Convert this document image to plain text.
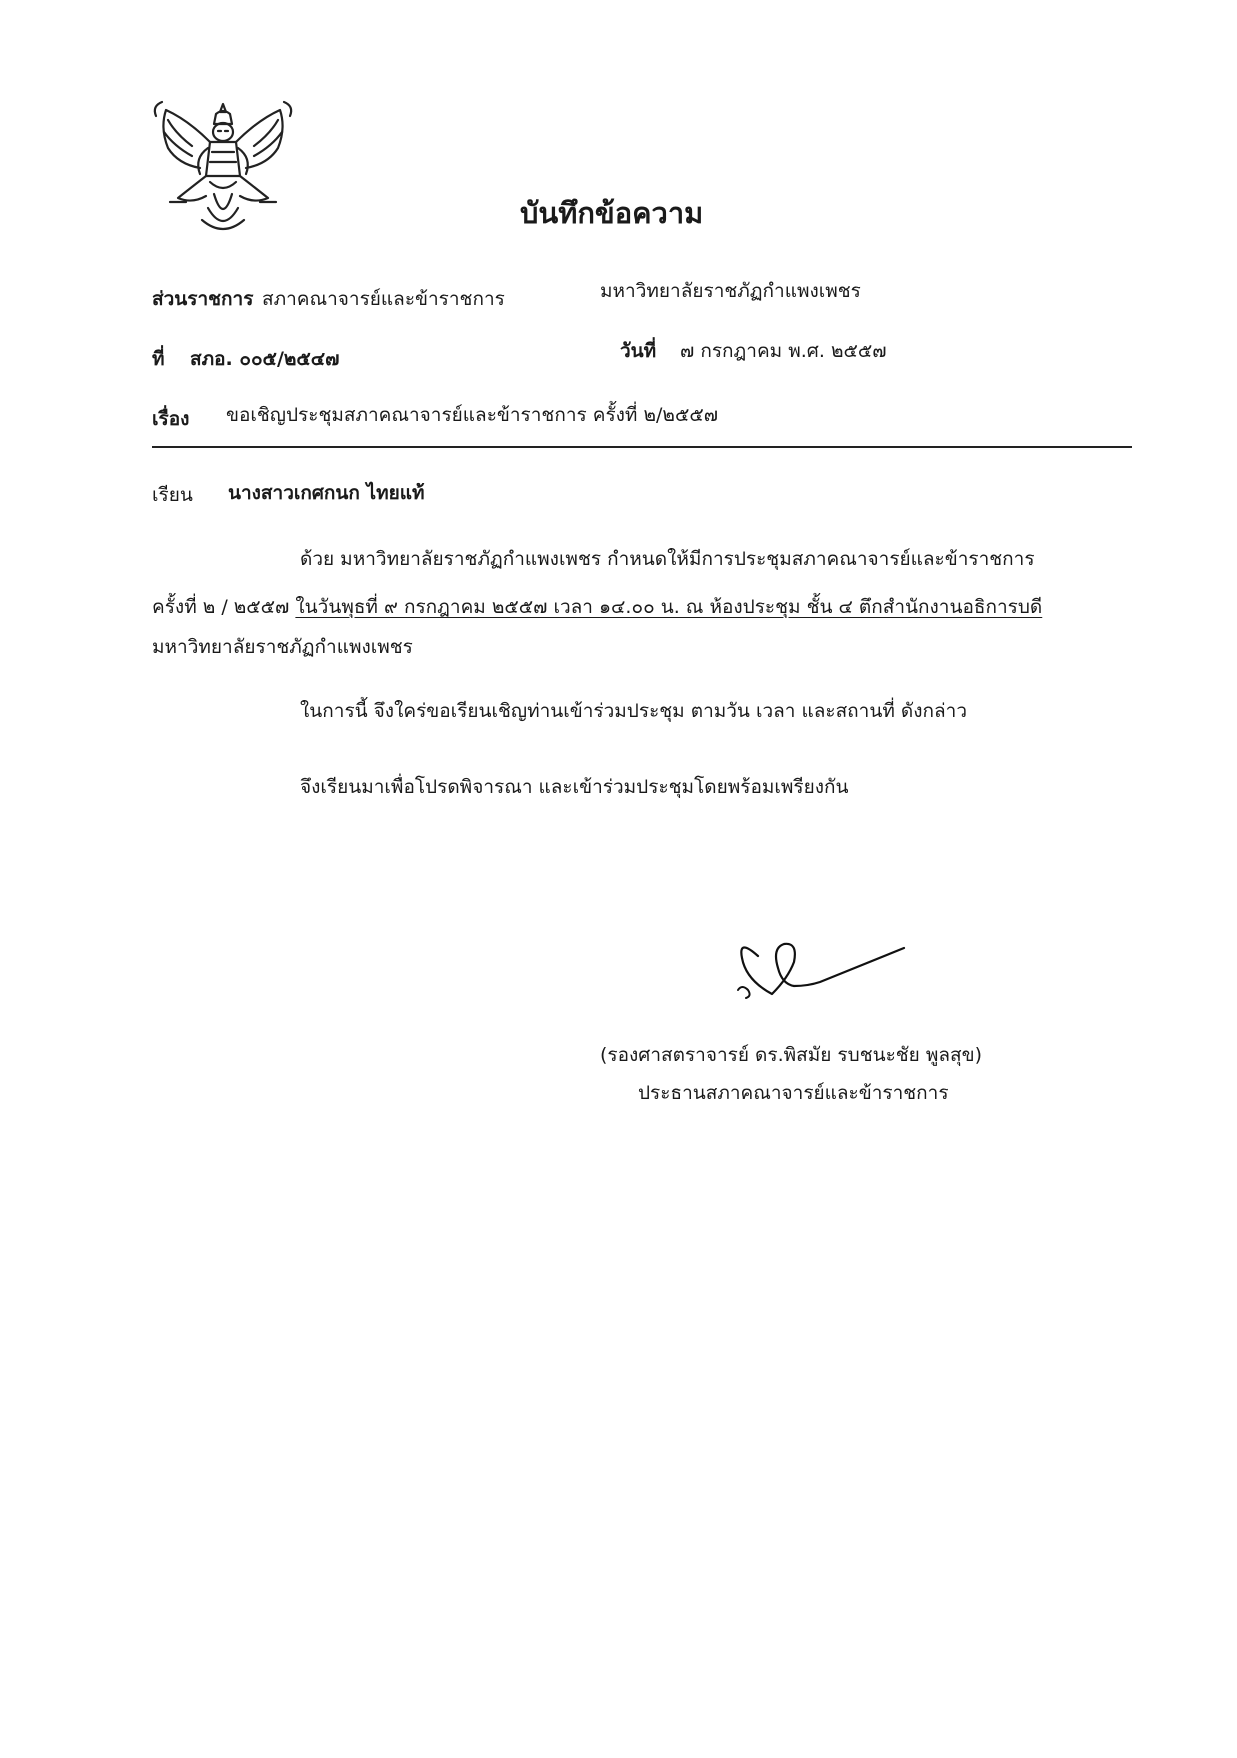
บันทึกข้อความ
ส่วนราชการ สภาคณาจารย์และข้าราชการ	มหาวิทยาลัยราชภัฏกำแพงเพชร
ที่ สภอ. ๐๐๕/๒๕๔๗	วันที่ ๗ กรกฎาคม พ.ศ. ๒๕๕๗
เรื่อง ขอเชิญประชุมสภาคณาจารย์และข้าราชการ ครั้งที่ ๒/๒๕๕๗
เรียน นางสาวเกศกนก ไทยแท้
ด้วย มหาวิทยาลัยราชภัฏกำแพงเพชร กำหนดให้มีการประชุมสภาคณาจารย์และข้าราชการ
ครั้งที่ ๒ / ๒๕๕๗ ในวันพุธที่ ๙ กรกฎาคม ๒๕๕๗ เวลา ๑๔.๐๐ น. ณ ห้องประชุม ชั้น ๔ ตึกสำนักงานอธิการบดี
มหาวิทยาลัยราชภัฏกำแพงเพชร
ในการนี้ จึงใคร่ขอเรียนเชิญท่านเข้าร่วมประชุม ตามวัน เวลา และสถานที่ ดังกล่าว
จึงเรียนมาเพื่อโปรดพิจารณา และเข้าร่วมประชุมโดยพร้อมเพรียงกัน
(รองศาสตราจารย์ ดร.พิสมัย รบชนะชัย พูลสุข)
ประธานสภาคณาจารย์และข้าราชการ
